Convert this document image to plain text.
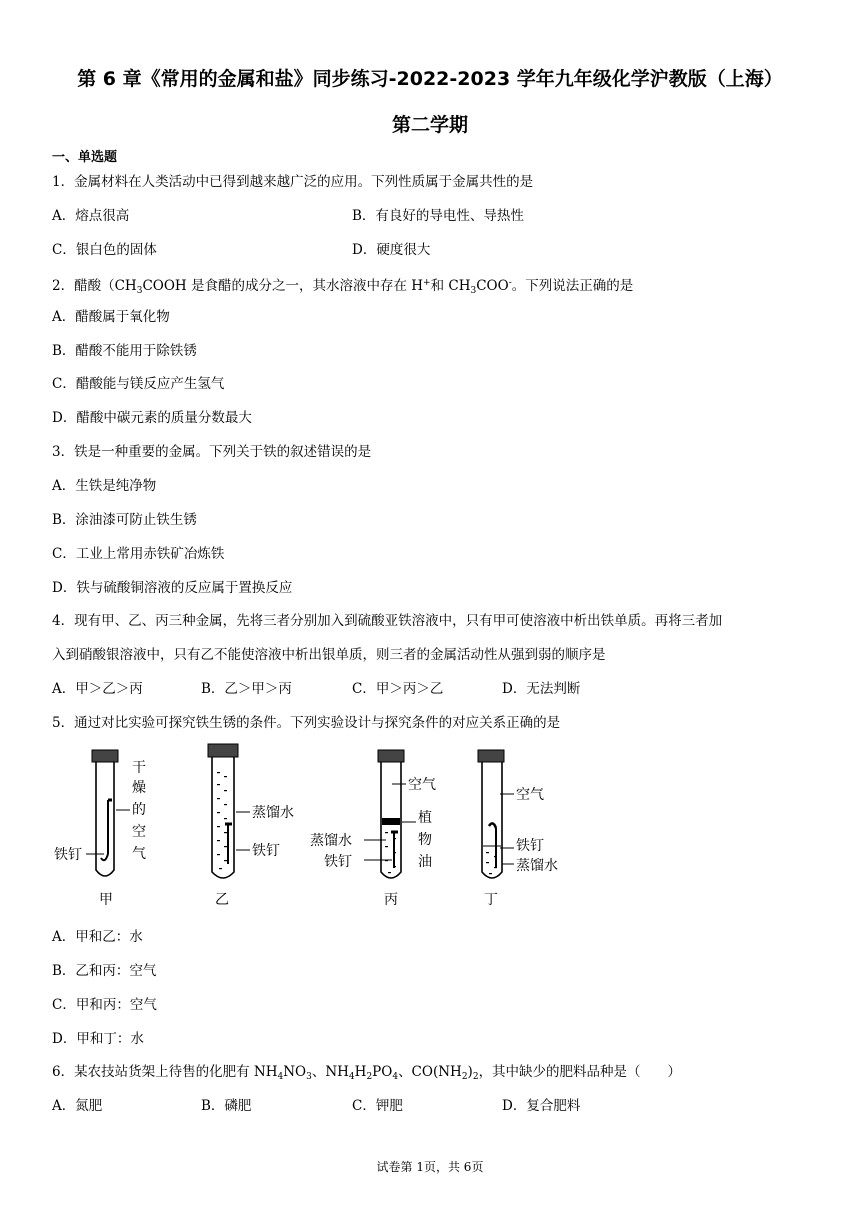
第 6 章《常用的金属和盐》同步练习-2022-2023 学年九年级化学沪教版（上海）
第二学期
一、单选题
1．金属材料在人类活动中已得到越来越广泛的应用。下列性质属于金属共性的是
A．熔点很高	B．有良好的导电性、导热性
C．银白色的固体	D．硬度很大
2．醋酸（$CH_3COOH$ 是食醋的成分之一，其水溶液中存在 H+和 $CH_3COO^-$。下列说法正确的是
A．醋酸属于氧化物
B．醋酸不能用于除铁锈
C．醋酸能与镁反应产生氢气
D．醋酸中碳元素的质量分数最大
3．铁是一种重要的金属。下列关于铁的叙述错误的是
A．生铁是纯净物
B．涂油漆可防止铁生锈
C．工业上常用赤铁矿冶炼铁
D．铁与硫酸铜溶液的反应属于置换反应
4．现有甲、乙、丙三种金属，先将三者分别加入到硫酸亚铁溶液中，只有甲可使溶液中析出铁单质。再将三者加
入到硝酸银溶液中，只有乙不能使溶液中析出银单质，则三者的金属活动性从强到弱的顺序是
A．甲＞乙＞丙	B．乙＞甲＞丙	C．甲＞丙＞乙	D．无法判断
5．通过对比实验可探究铁生锈的条件。下列实验设计与探究条件的对应关系正确的是
干
燥
的
空
气
铁钉
甲
蒸馏水
铁钉
乙
空气
植
物
油
蒸馏水
铁钉
丙
空气
铁钉
蒸馏水
丁
A．甲和乙：水
B．乙和丙：空气
C．甲和丙：空气
D．甲和丁：水
6．某农技站货架上待售的化肥有 $NH_4NO_3$、$NH_4H_2PO_4$、$CO(NH_2)_2$，其中缺少的肥料品种是（　　）
A．氮肥	B．磷肥	C．钾肥	D．复合肥料
试卷第 1页，共 6页
